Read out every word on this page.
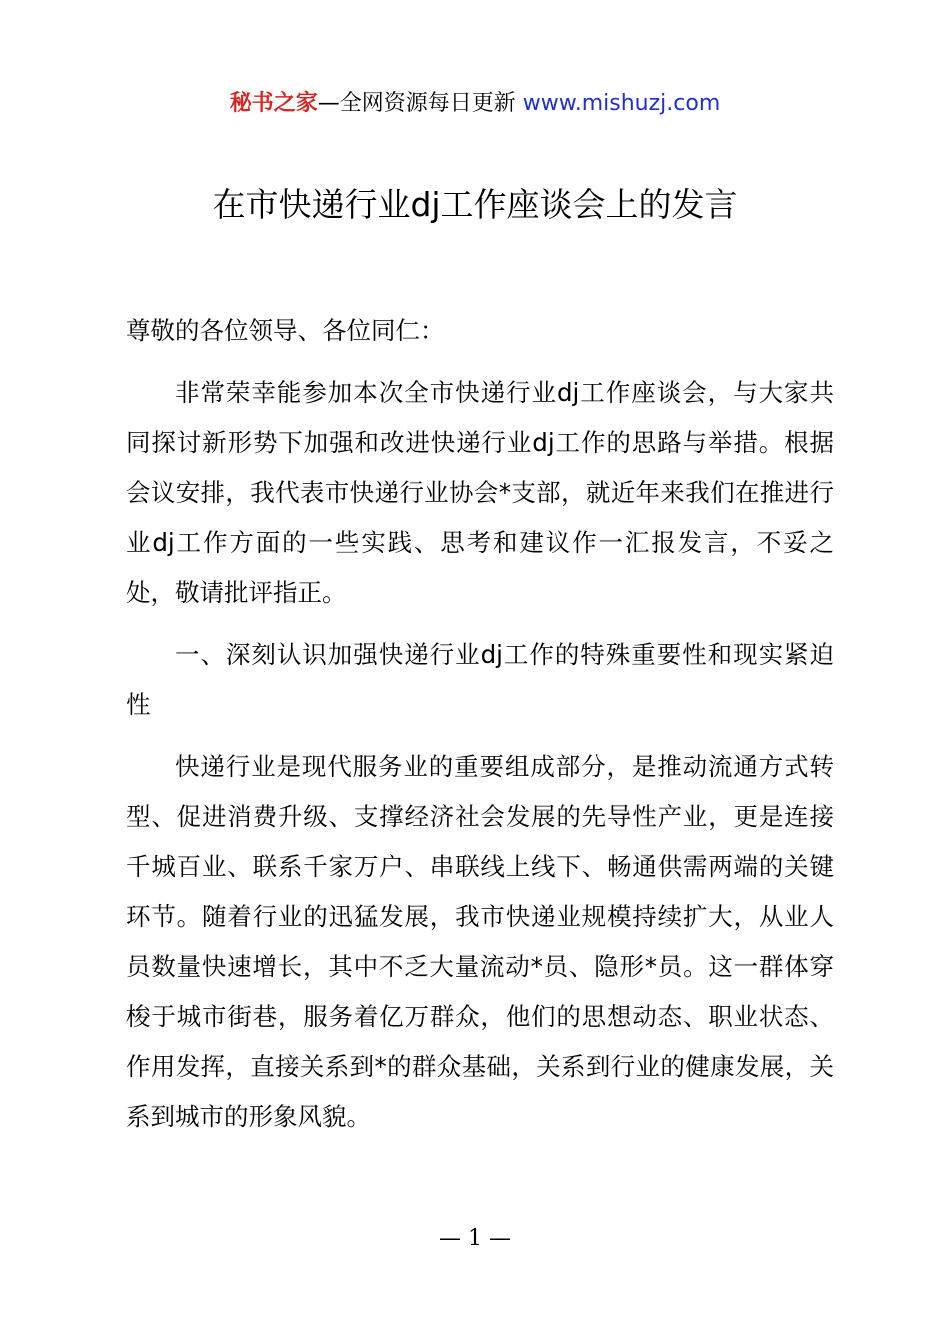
秘书之家—全网资源每日更新 www.mishuzj.com
在市快递行业dj工作座谈会上的发言

尊敬的各位领导、各位同仁：

非常荣幸能参加本次全市快递行业dj工作座谈会，与大家共同探讨新形势下加强和改进快递行业dj工作的思路与举措。根据会议安排，我代表市快递行业协会*支部，就近年来我们在推进行业dj工作方面的一些实践、思考和建议作一汇报发言，不妥之处，敬请批评指正。

一、深刻认识加强快递行业dj工作的特殊重要性和现实紧迫性

快递行业是现代服务业的重要组成部分，是推动流通方式转型、促进消费升级、支撑经济社会发展的先导性产业，更是连接千城百业、联系千家万户、串联线上线下、畅通供需两端的关键环节。随着行业的迅猛发展，我市快递业规模持续扩大，从业人员数量快速增长，其中不乏大量流动*员、隐形*员。这一群体穿梭于城市街巷，服务着亿万群众，他们的思想动态、职业状态、作用发挥，直接关系到*的群众基础，关系到行业的健康发展，关系到城市的形象风貌。

— 1 —
